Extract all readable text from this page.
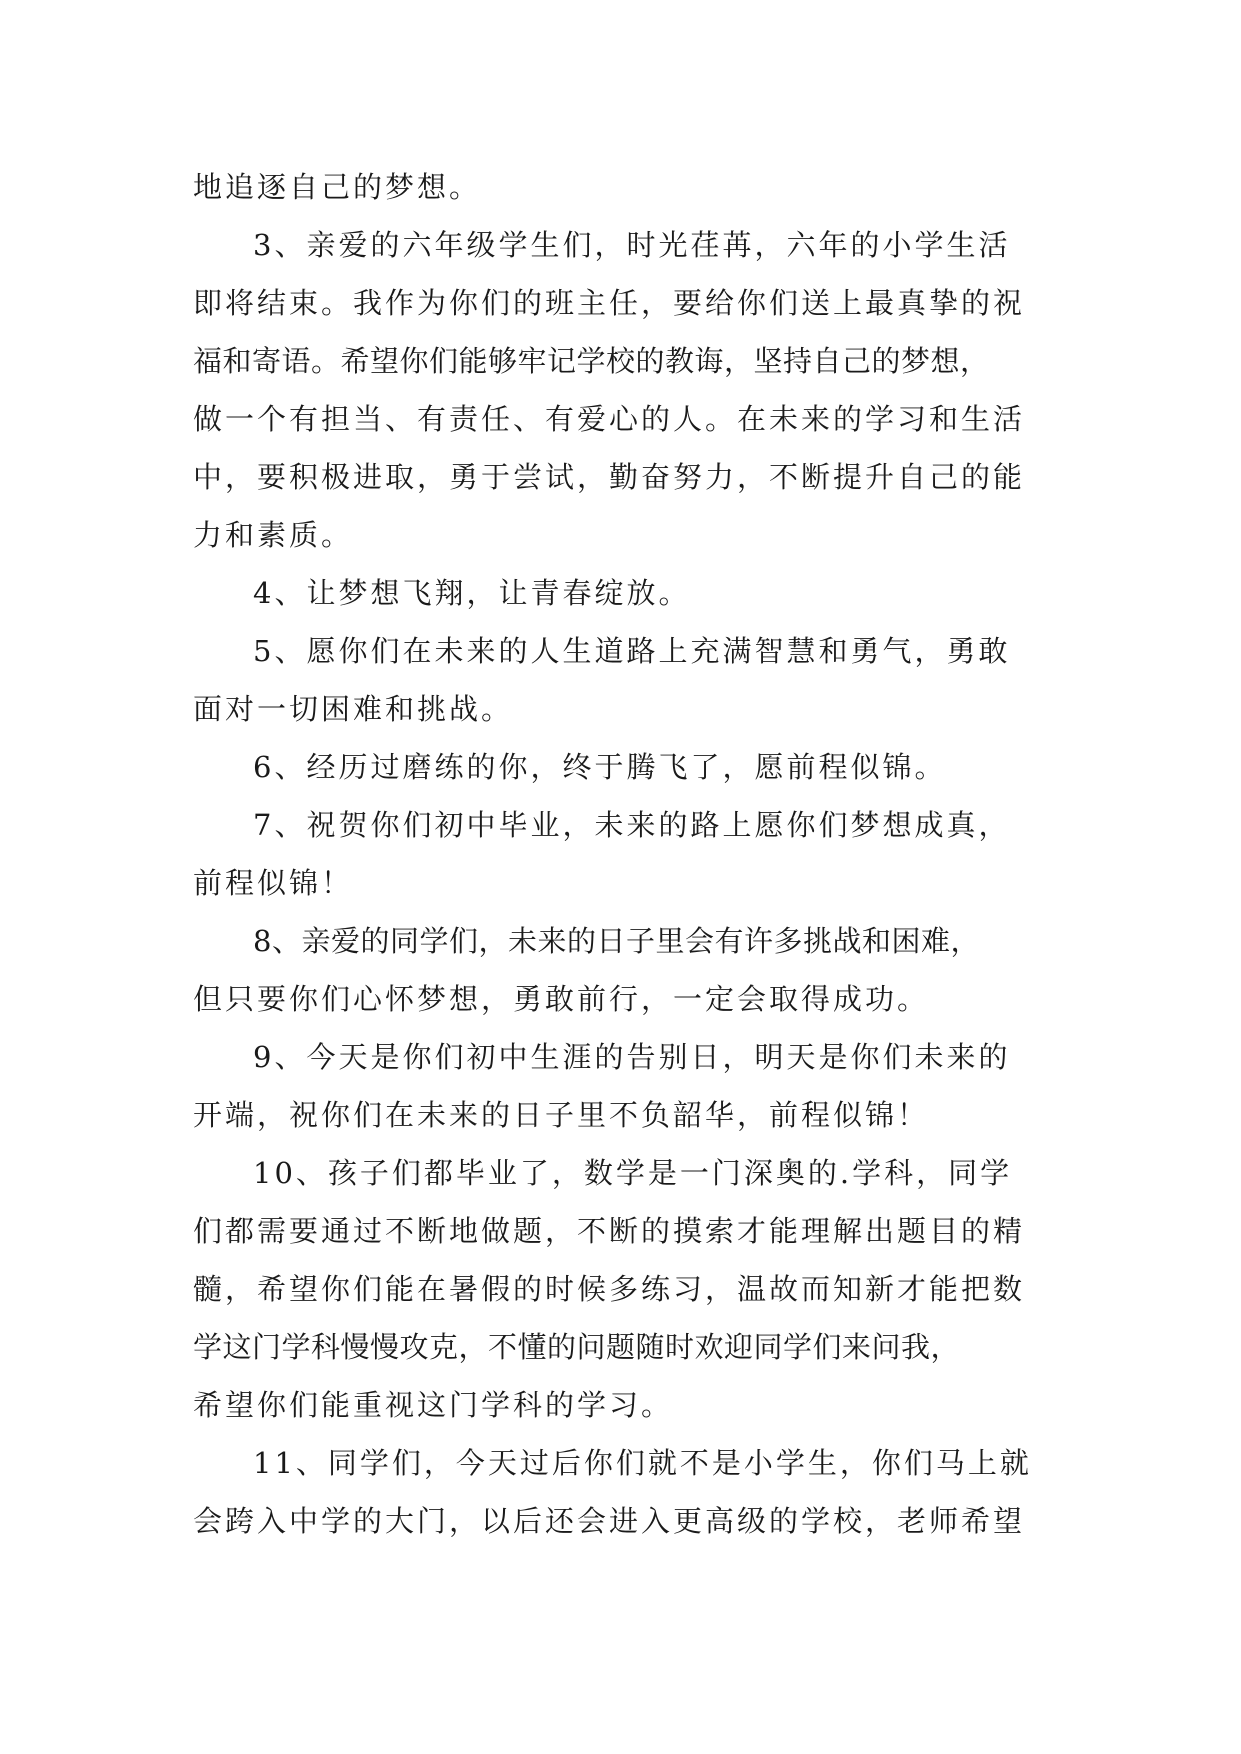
地追逐自己的梦想。
3、亲爱的六年级学生们，时光荏苒，六年的小学生活
即将结束。我作为你们的班主任，要给你们送上最真挚的祝
福和寄语。希望你们能够牢记学校的教诲，坚持自己的梦想，
做一个有担当、有责任、有爱心的人。在未来的学习和生活
中，要积极进取，勇于尝试，勤奋努力，不断提升自己的能
力和素质。
4、让梦想飞翔，让青春绽放。
5、愿你们在未来的人生道路上充满智慧和勇气，勇敢
面对一切困难和挑战。
6、经历过磨练的你，终于腾飞了，愿前程似锦。
7、祝贺你们初中毕业，未来的路上愿你们梦想成真，
前程似锦！
8、亲爱的同学们，未来的日子里会有许多挑战和困难，
但只要你们心怀梦想，勇敢前行，一定会取得成功。
9、今天是你们初中生涯的告别日，明天是你们未来的
开端，祝你们在未来的日子里不负韶华，前程似锦！
10、孩子们都毕业了，数学是一门深奥的.学科，同学
们都需要通过不断地做题，不断的摸索才能理解出题目的精
髓，希望你们能在暑假的时候多练习，温故而知新才能把数
学这门学科慢慢攻克，不懂的问题随时欢迎同学们来问我，
希望你们能重视这门学科的学习。
11、同学们，今天过后你们就不是小学生，你们马上就
会跨入中学的大门，以后还会进入更高级的学校，老师希望
